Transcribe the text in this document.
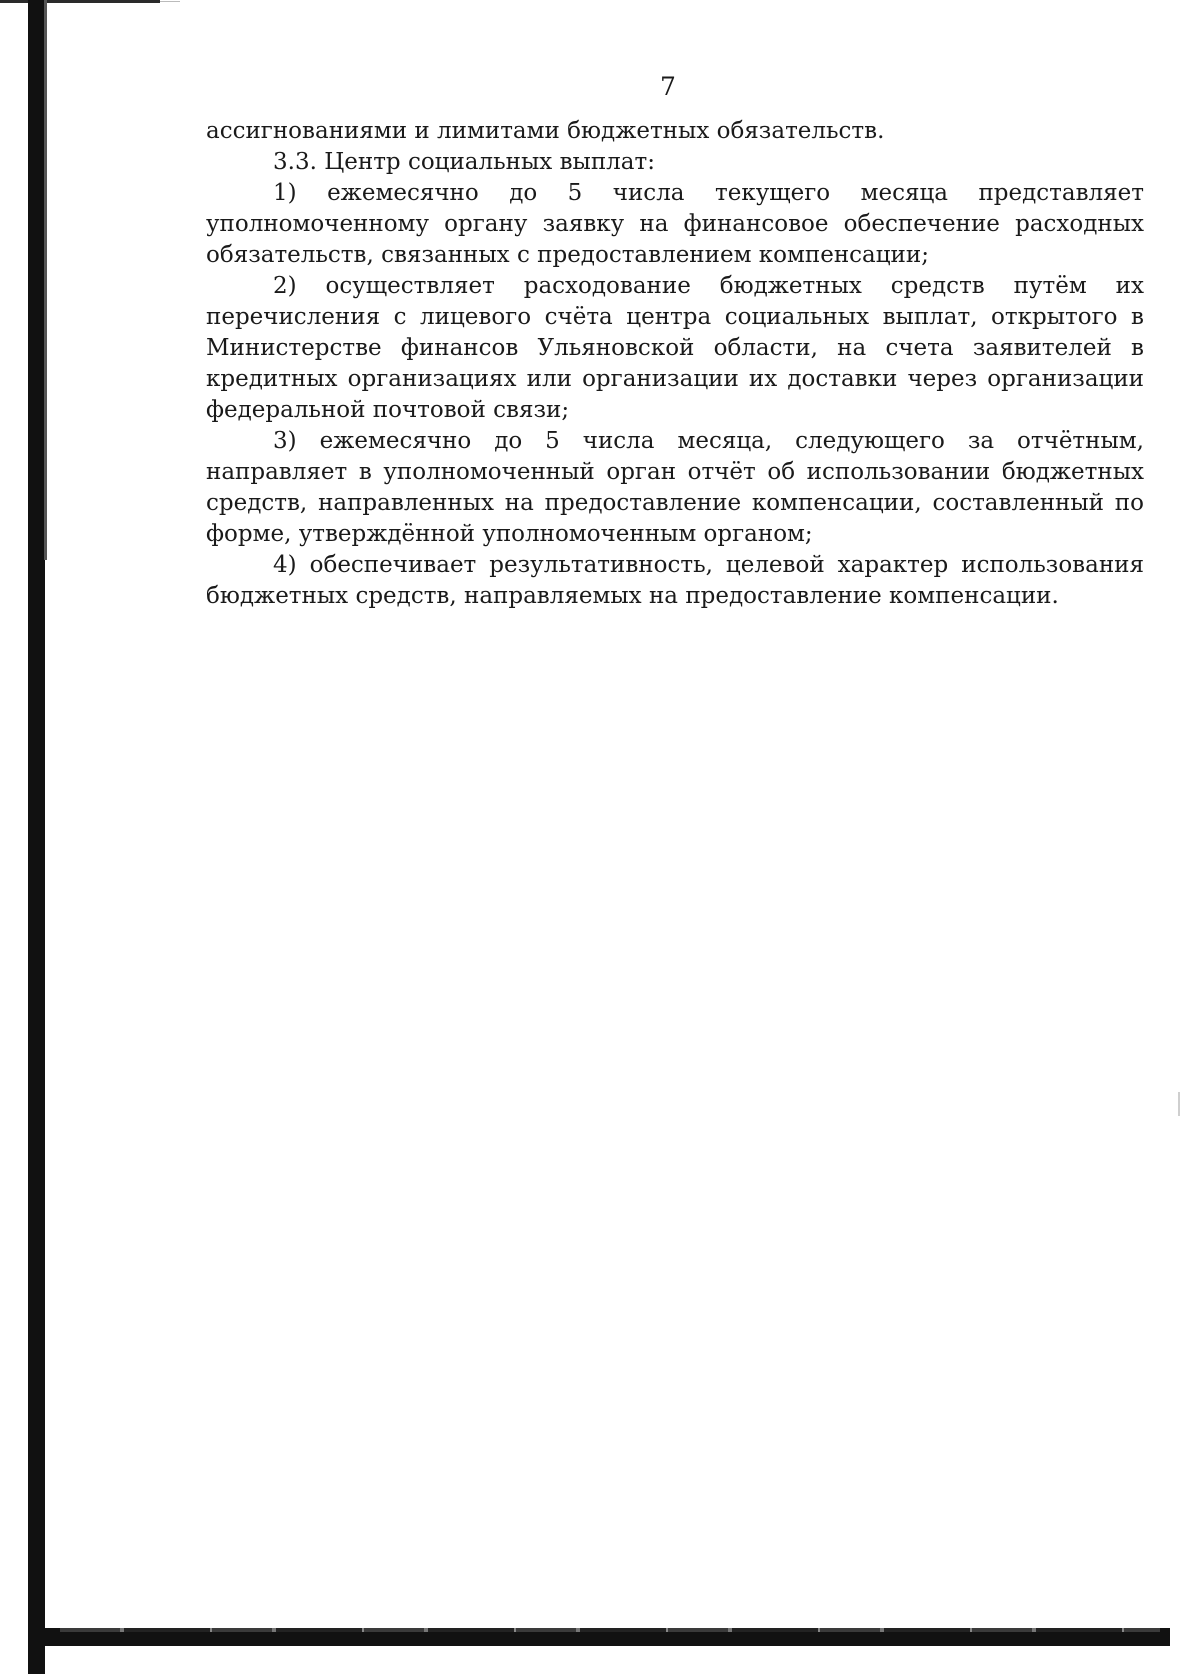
7

ассигнованиями и лимитами бюджетных обязательств.

3.3. Центр социальных выплат:

1) ежемесячно до 5 числа текущего месяца представляет уполномоченному органу заявку на финансовое обеспечение расходных обязательств, связанных с предоставлением компенсации;

2) осуществляет расходование бюджетных средств путём их перечисления с лицевого счёта центра социальных выплат, открытого в Министерстве финансов Ульяновской области, на счета заявителей в кредитных организациях или организации их доставки через организации федеральной почтовой связи;

3) ежемесячно до 5 числа месяца, следующего за отчётным, направляет в уполномоченный орган отчёт об использовании бюджетных средств, направленных на предоставление компенсации, составленный по форме, утверждённой уполномоченным органом;

4) обеспечивает результативность, целевой характер использования бюджетных средств, направляемых на предоставление компенсации.
